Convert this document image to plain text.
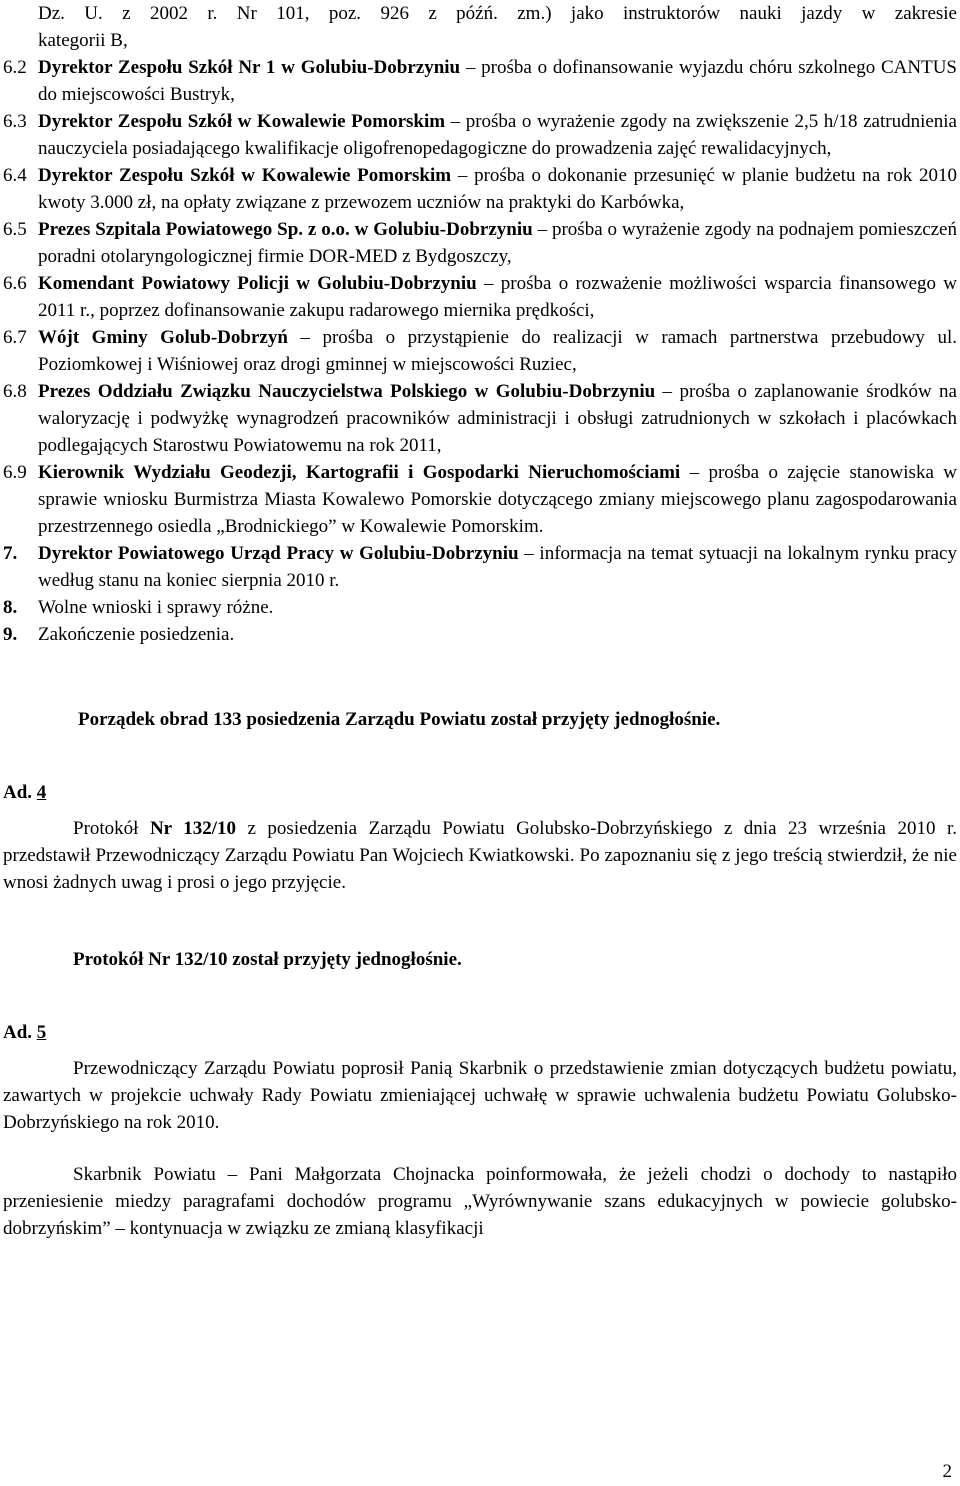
Dz. U. z 2002 r. Nr 101, poz. 926 z późń. zm.) jako instruktorów nauki jazdy w zakresie

kategorii B,

6.2 Dyrektor Zespołu Szkół Nr 1 w Golubiu-Dobrzyniu – prośba o dofinansowanie wyjazdu chóru szkolnego CANTUS do miejscowości Bustryk,

6.3 Dyrektor Zespołu Szkół w Kowalewie Pomorskim – prośba o wyrażenie zgody na zwiększenie 2,5 h/18 zatrudnienia nauczyciela posiadającego kwalifikacje oligofrenopedagogiczne do prowadzenia zajęć rewalidacyjnych,

6.4 Dyrektor Zespołu Szkół w Kowalewie Pomorskim – prośba o dokonanie przesunięć w planie budżetu na rok 2010 kwoty 3.000 zł, na opłaty związane z przewozem uczniów na praktyki do Karbówka,

6.5 Prezes Szpitala Powiatowego Sp. z o.o. w Golubiu-Dobrzyniu – prośba o wyrażenie zgody na podnajem pomieszczeń poradni otolaryngologicznej firmie DOR-MED z Bydgoszczy,

6.6 Komendant Powiatowy Policji w Golubiu-Dobrzyniu – prośba o rozważenie możliwości wsparcia finansowego w 2011 r., poprzez dofinansowanie zakupu radarowego miernika prędkości,

6.7 Wójt Gminy Golub-Dobrzyń – prośba o przystąpienie do realizacji w ramach partnerstwa przebudowy ul. Poziomkowej i Wiśniowej oraz drogi gminnej w miejscowości Ruziec,

6.8 Prezes Oddziału Związku Nauczycielstwa Polskiego w Golubiu-Dobrzyniu – prośba o zaplanowanie środków na waloryzację i podwyżkę wynagrodzeń pracowników administracji i obsługi zatrudnionych w szkołach i placówkach podlegających Starostwu Powiatowemu na rok 2011,

6.9 Kierownik Wydziału Geodezji, Kartografii i Gospodarki Nieruchomościami – prośba o zajęcie stanowiska w sprawie wniosku Burmistrza Miasta Kowalewo Pomorskie dotyczącego zmiany miejscowego planu zagospodarowania przestrzennego osiedla „Brodnickiego” w Kowalewie Pomorskim.

7.	Dyrektor Powiatowego Urząd Pracy w Golubiu-Dobrzyniu – informacja na temat sytuacji na lokalnym rynku pracy według stanu na koniec sierpnia 2010 r.

8.	Wolne wnioski i sprawy różne.

9.	Zakończenie posiedzenia.

Porządek obrad 133 posiedzenia Zarządu Powiatu został przyjęty jednogłośnie.

Ad. 4

Protokół Nr 132/10 z posiedzenia Zarządu Powiatu Golubsko-Dobrzyńskiego z dnia 23 września 2010 r. przedstawił Przewodniczący Zarządu Powiatu Pan Wojciech Kwiatkowski. Po zapoznaniu się z jego treścią stwierdził, że nie wnosi żadnych uwag i prosi o jego przyjęcie.

Protokół Nr 132/10 został przyjęty jednogłośnie.

Ad. 5

Przewodniczący Zarządu Powiatu poprosił Panią Skarbnik o przedstawienie zmian dotyczących budżetu powiatu, zawartych w projekcie uchwały Rady Powiatu zmieniającej uchwałę w sprawie uchwalenia budżetu Powiatu Golubsko-Dobrzyńskiego na rok 2010.

Skarbnik Powiatu – Pani Małgorzata Chojnacka poinformowała, że jeżeli chodzi o dochody to nastąpiło przeniesienie miedzy paragrafami dochodów programu „Wyrównywanie szans edukacyjnych w powiecie golubsko-dobrzyńskim” – kontynuacja w związku ze zmianą klasyfikacji

2
